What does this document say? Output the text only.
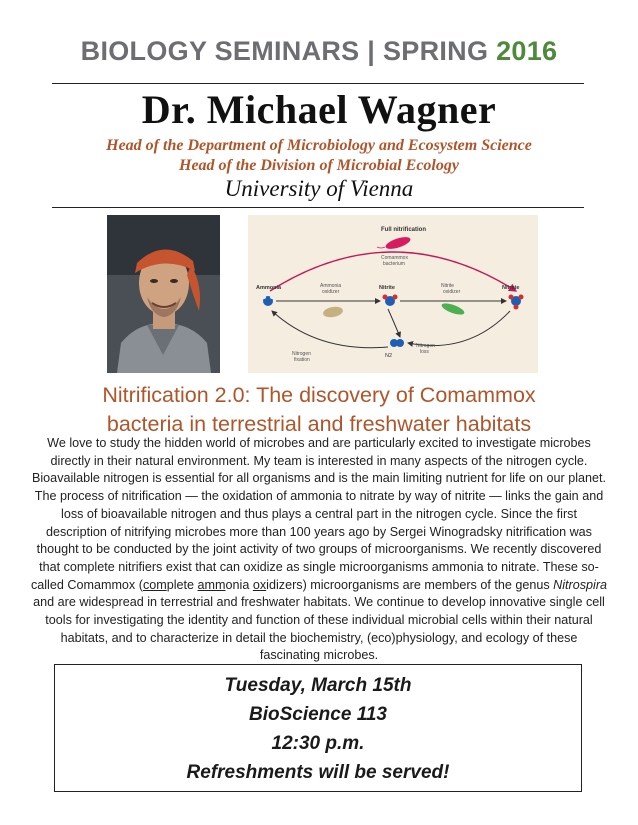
BIOLOGY SEMINARS | SPRING 2016
Dr. Michael Wagner
Head of the Department of Microbiology and Ecosystem Science
Head of the Division of Microbial Ecology
University of Vienna
Full nitrification
Comammox
bacterium
Ammonia	Nitrite	Nitrate
Ammonia
oxidizer
Nitrite
oxidizer
N2
Nitrogen
fixation
Nitrogen
loss
Nitrification 2.0: The discovery of Comammox
bacteria in terrestrial and freshwater habitats
We love to study the hidden world of microbes and are particularly excited to investigate microbes directly in their natural environment. My team is interested in many aspects of the nitrogen cycle. Bioavailable nitrogen is essential for all organisms and is the main limiting nutrient for life on our planet. The process of nitrification — the oxidation of ammonia to nitrate by way of nitrite — links the gain and loss of bioavailable nitrogen and thus plays a central part in the nitrogen cycle. Since the first description of nitrifying microbes more than 100 years ago by Sergei Winogradsky nitrification was thought to be conducted by the joint activity of two groups of microorganisms. We recently discovered that complete nitrifiers exist that can oxidize as single microorganisms ammonia to nitrate. These so-called Comammox (complete ammonia oxidizers) microorganisms are members of the genus Nitrospira and are widespread in terrestrial and freshwater habitats. We continue to develop innovative single cell tools for investigating the identity and function of these individual microbial cells within their natural habitats, and to characterize in detail the biochemistry, (eco)physiology, and ecology of these fascinating microbes.
Tuesday, March 15th
BioScience 113
12:30 p.m.
Refreshments will be served!
